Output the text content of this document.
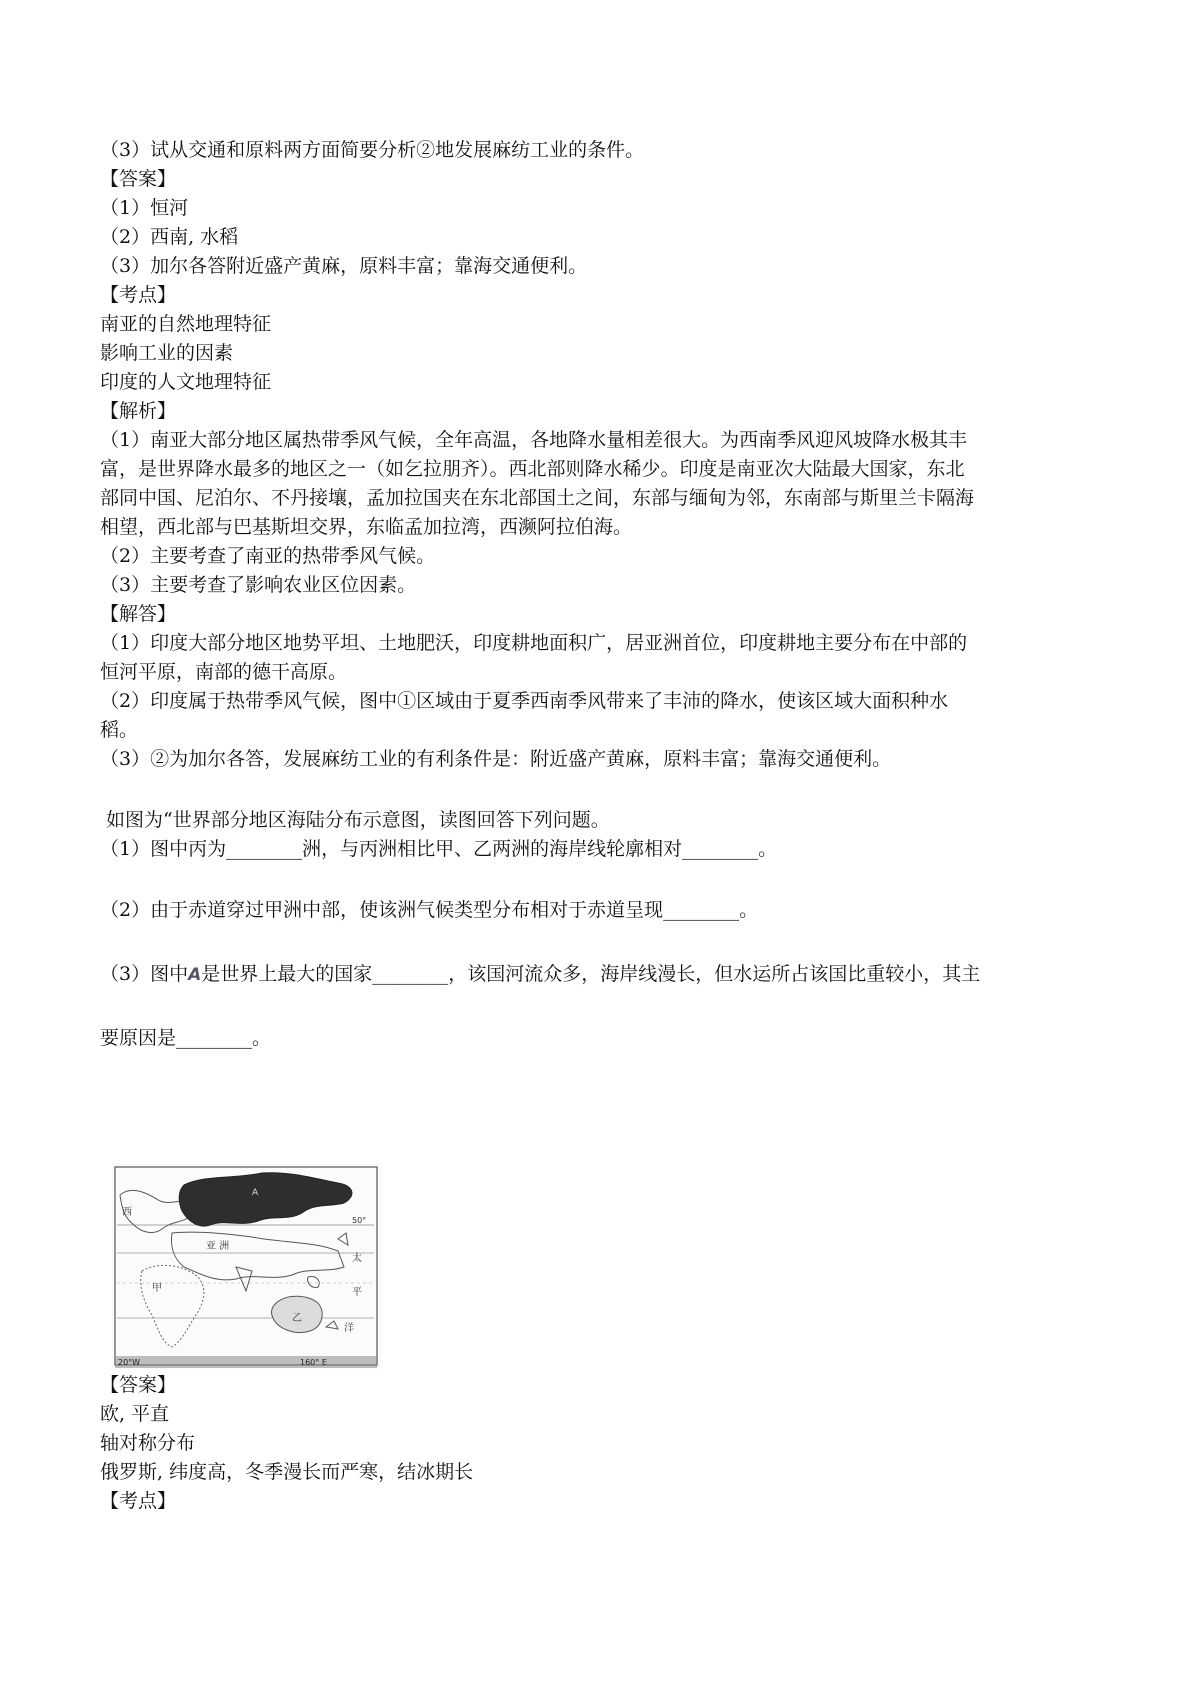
（3）试从交通和原料两方面简要分析②地发展麻纺工业的条件。
【答案】
（1）恒河
（2）西南, 水稻
（3）加尔各答附近盛产黄麻，原料丰富；靠海交通便利。
【考点】
南亚的自然地理特征
影响工业的因素
印度的人文地理特征
【解析】
（1）南亚大部分地区属热带季风气候，全年高温，各地降水量相差很大。为西南季风迎风坡降水极其丰
富，是世界降水最多的地区之一（如乞拉朋齐）。西北部则降水稀少。印度是南亚次大陆最大国家，东北
部同中国、尼泊尔、不丹接壤，孟加拉国夹在东北部国土之间，东部与缅甸为邻，东南部与斯里兰卡隔海
相望，西北部与巴基斯坦交界，东临孟加拉湾，西濒阿拉伯海。
（2）主要考查了南亚的热带季风气候。
（3）主要考查了影响农业区位因素。
【解答】
（1）印度大部分地区地势平坦、土地肥沃，印度耕地面积广，居亚洲首位，印度耕地主要分布在中部的
恒河平原，南部的德干高原。
（2）印度属于热带季风气候，图中①区域由于夏季西南季风带来了丰沛的降水，使该区域大面积种水
稻。
（3）②为加尔各答，发展麻纺工业的有利条件是：附近盛产黄麻，原料丰富；靠海交通便利。
如图为“世界部分地区海陆分布示意图，读图回答下列问题。
（1）图中丙为________洲，与丙洲相比甲、乙两洲的海岸线轮廓相对________。
（2）由于赤道穿过甲洲中部，使该洲气候类型分布相对于赤道呈现________。
（3）图中A是世界上最大的国家________，该国河流众多，海岸线漫长，但水运所占该国比重较小，其主
要原因是________。
A
亚 洲
甲
乙
西
太
平
洋
50°
20°W	160° E
【答案】
欧, 平直
轴对称分布
俄罗斯, 纬度高，冬季漫长而严寒，结冰期长
【考点】
